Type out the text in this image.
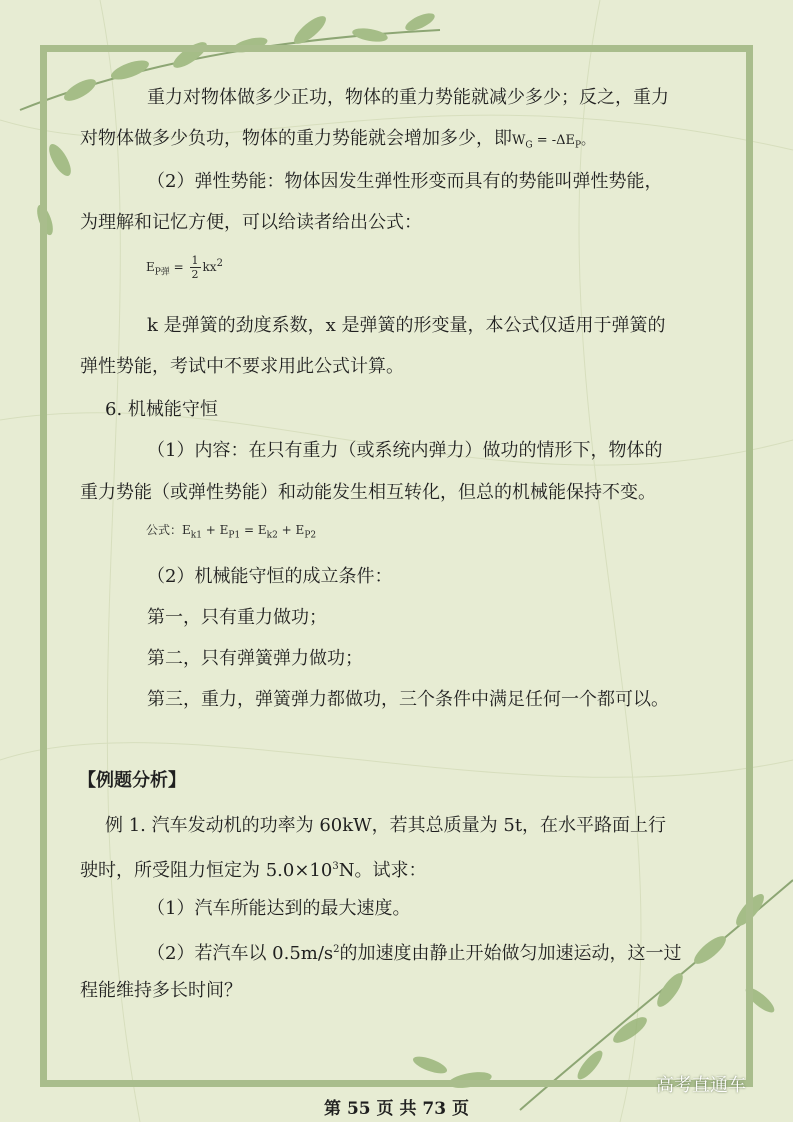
重力对物体做多少正功，物体的重力势能就减少多少；反之，重力
对物体做多少负功，物体的重力势能就会增加多少，即$W_G = -\Delta E_P$。
（2）弹性势能：物体因发生弹性形变而具有的势能叫弹性势能，
为理解和记忆方便，可以给读者给出公式：
$E_{P弹} = \frac{1}{2} kx^2$
k 是弹簧的劲度系数，x 是弹簧的形变量，本公式仅适用于弹簧的
弹性势能，考试中不要求用此公式计算。
6. 机械能守恒
（1）内容：在只有重力（或系统内弹力）做功的情形下，物体的
重力势能（或弹性势能）和动能发生相互转化，但总的机械能保持不变。
公式：$E_{k1} + E_{P1} = E_{k2} + E_{P2}$
（2）机械能守恒的成立条件：
第一，只有重力做功；
第二，只有弹簧弹力做功；
第三，重力，弹簧弹力都做功，三个条件中满足任何一个都可以。
【例题分析】
例 1. 汽车发动机的功率为 60kW，若其总质量为 5t，在水平路面上行
驶时，所受阻力恒定为 $5.0\times 10^3N$。试求：
（1）汽车所能达到的最大速度。
（2）若汽车以 $0.5m/s^2$的加速度由静止开始做匀加速运动，这一过
程能维持多长时间？
高考直通车
第 55 页 共 73 页
